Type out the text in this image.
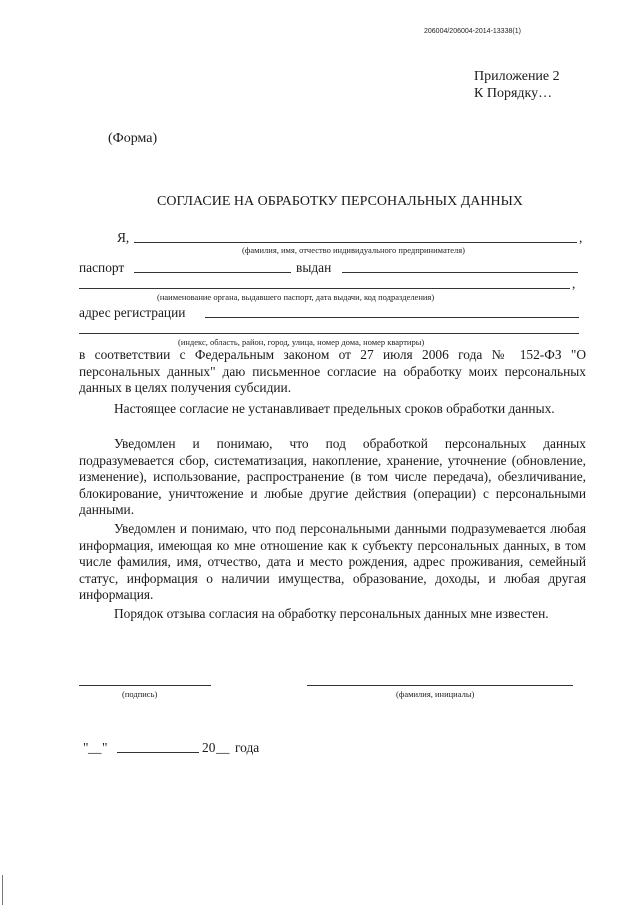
206004/206004-2014-13338(1)
Приложение 2
К Порядку…
(Форма)
СОГЛАСИЕ НА ОБРАБОТКУ ПЕРСОНАЛЬНЫХ ДАННЫХ
Я,	,
(фамилия, имя, отчество индивидуального предпринимателя)
паспорт	выдан
,
(наименование органа, выдавшего паспорт, дата выдачи, код подразделения)
адрес регистрации
(индекс, область, район, город, улица, номер дома, номер квартиры)
в соответствии с Федеральным законом от 27 июля 2006 года № 152-ФЗ "О персональных данных" даю письменное согласие на обработку моих персональных данных в целях получения субсидии.
Настоящее согласие не устанавливает предельных сроков обработки данных.
Уведомлен и понимаю, что под обработкой персональных данных подразумевается сбор, систематизация, накопление, хранение, уточнение (обновление, изменение), использование, распространение (в том числе передача), обезличивание, блокирование, уничтожение и любые другие действия (операции) с персональными данными.
Уведомлен и понимаю, что под персональными данными подразумевается любая информация, имеющая ко мне отношение как к субъекту персональных данных, в том числе фамилия, имя, отчество, дата и место рождения, адрес проживания, семейный статус, информация о наличии имущества, образование, доходы, и любая другая информация.
Порядок отзыва согласия на обработку персональных данных мне известен.
(подпись)	(фамилия, инициалы)
" __ "	20 __ года
